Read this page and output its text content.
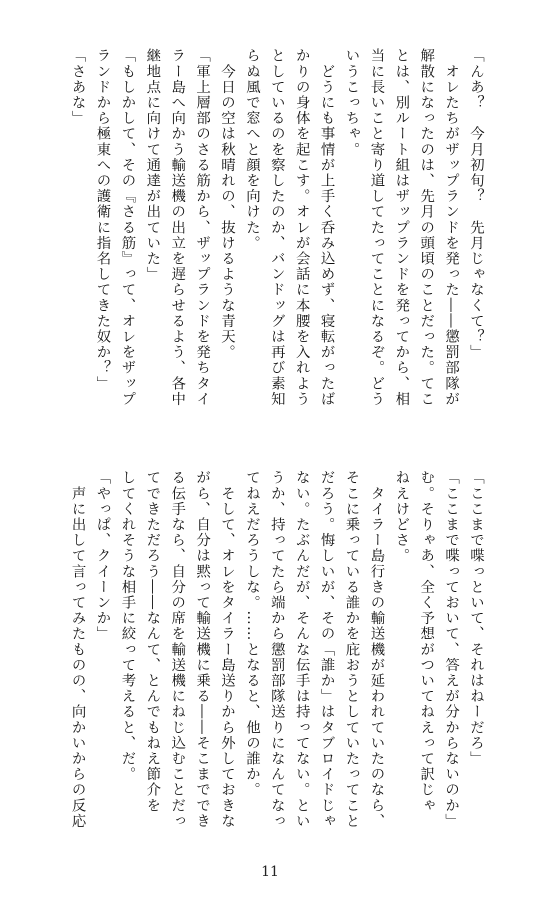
「んあ？　今月初旬？　先月じゃなくて？」
　オレたちがザップランドを発った――懲罰部隊が
解散になったのは、先月の頭頃のことだった。てこ
とは、別ルート組はザップランドを発ってから、相
当に長いこと寄り道してたってことになるぞ。どう
いうこっちゃ。
　どうにも事情が上手く呑み込めず、寝転がったば
かりの身体を起こす。オレが会話に本腰を入れよう
としているのを察したのか、バンドッグは再び素知
らぬ風で窓へと顔を向けた。
　今日の空は秋晴れの、抜けるような青天。
「軍上層部のさる筋から、ザップランドを発ちタイ
ラー島へ向かう輸送機の出立を遅らせるよう、各中
継地点に向けて通達が出ていた」
「もしかして、その『さる筋』って、オレをザップ
ランドから極東への護衛に指名してきた奴か？」
「さあな」
「ここまで喋っといて、それはねーだろ」
「ここまで喋っておいて、答えが分からないのか」
む。そりゃあ、全く予想がついてねえって訳じゃ
ねえけどさ。
　タイラー島行きの輸送機が延われていたのなら、
そこに乗っている誰かを庇おうとしていたってこと
だろう。悔しいが、その「誰か」はタブロイドじゃ
ない。たぶんだが、そんな伝手は持ってない。とい
うか、持ってたら端から懲罰部隊送りになんてなっ
てねえだろうしな。……となると、他の誰か。
　そして、オレをタイラー島送りから外しておきな
がら、自分は黙って輸送機に乗る――そこまででき
る伝手なら、自分の席を輸送機にねじ込むことだっ
てできただろう――なんて、とんでもねえ節介を
してくれそうな相手に絞って考えると、だ。
「やっぱ、クイーンか」
　声に出して言ってみたものの、向かいからの反応
11
